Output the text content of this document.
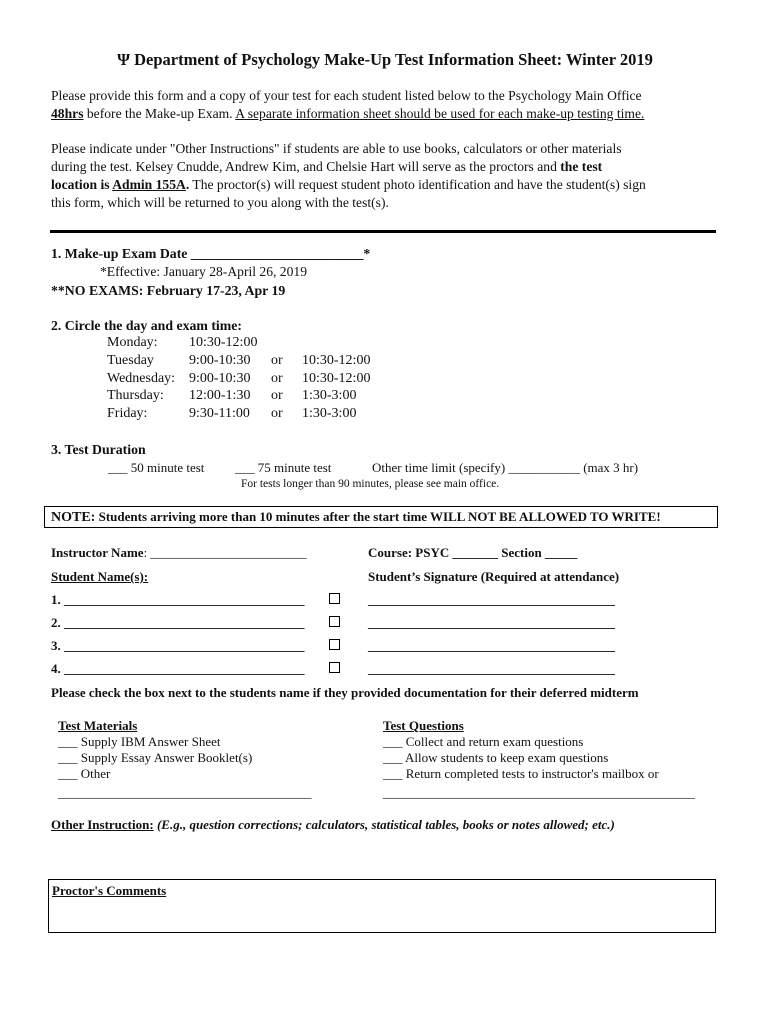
Ψ Department of Psychology Make-Up Test Information Sheet: Winter 2019
Please provide this form and a copy of your test for each student listed below to the Psychology Main Office
48hrs before the Make-up Exam. A separate information sheet should be used for each make-up testing time.
Please indicate under "Other Instructions" if students are able to use books, calculators or other materials
during the test. Kelsey Cnudde, Andrew Kim, and Chelsie Hart will serve as the proctors and the test
location is Admin 155A. The proctor(s) will request student photo identification and have the student(s) sign
this form, which will be returned to you along with the test(s).
1. Make-up Exam Date _________________________*
*Effective: January 28-April 26, 2019
**NO EXAMS: February 17-23, Apr 19
2. Circle the day and exam time:
Monday:	10:30-12:00		
Tuesday	9:00-10:30	or	10:30-12:00
Wednesday:	9:00-10:30	or	10:30-12:00
Thursday:	12:00-1:30	or	1:30-3:00
Friday:	9:30-11:00	or	1:30-3:00
3. Test Duration
___ 50 minute test ___ 75 minute test	Other time limit (specify) ___________ (max 3 hr)
For tests longer than 90 minutes, please see main office.
NOTE: Students arriving more than 10 minutes after the start time WILL NOT BE ALLOWED TO WRITE!
Instructor Name: ________________________	Course: PSYC _______ Section _____
Student Name(s):	Student’s Signature (Required at attendance)
1. _____________________________________	______________________________________
2. _____________________________________	______________________________________
3. _____________________________________	______________________________________
4. _____________________________________	______________________________________
Please check the box next to the students name if they provided documentation for their deferred midterm
Test Materials
___ Supply IBM Answer Sheet
___ Supply Essay Answer Booklet(s)
___ Other
_______________________________________
Test Questions
___ Collect and return exam questions
___ Allow students to keep exam questions
___ Return completed tests to instructor's mailbox or
________________________________________________
Other Instruction: (E.g., question corrections; calculators, statistical tables, books or notes allowed; etc.)
Proctor's Comments
